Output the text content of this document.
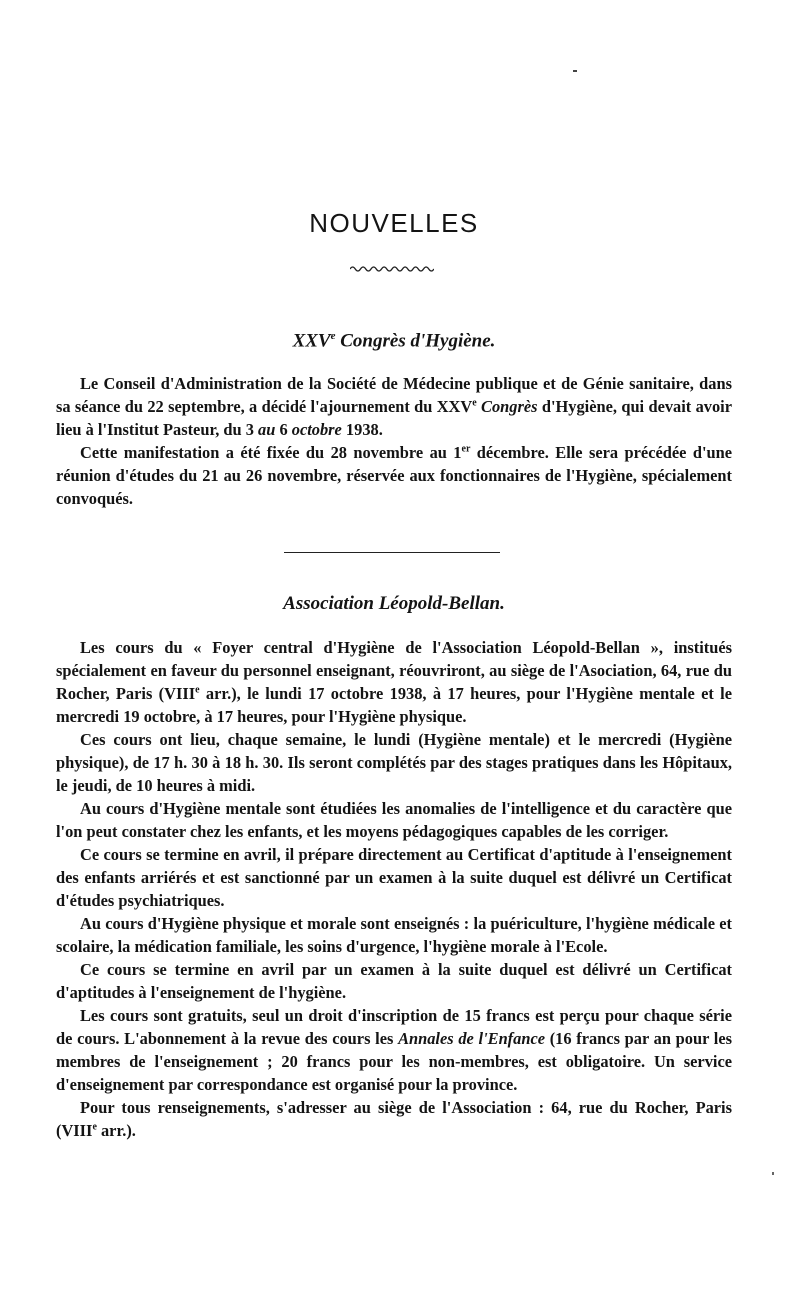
NOUVELLES
XXVe Congrès d'Hygiène.

Le Conseil d'Administration de la Société de Médecine publique et de Génie sanitaire, dans sa séance du 22 septembre, a décidé l'ajournement du XXVe Congrès d'Hygiène, qui devait avoir lieu à l'Institut Pasteur, du 3 au 6 octobre 1938.

Cette manifestation a été fixée du 28 novembre au 1er décembre. Elle sera précédée d'une réunion d'études du 21 au 26 novembre, réservée aux fonctionnaires de l'Hygiène, spécialement convoqués.

Association Léopold-Bellan.

Les cours du « Foyer central d'Hygiène de l'Association Léopold-Bellan », institués spécialement en faveur du personnel enseignant, réouvriront, au siège de l'Asociation, 64, rue du Rocher, Paris (VIIIe arr.), le lundi 17 octobre 1938, à 17 heures, pour l'Hygiène mentale et le mercredi 19 octobre, à 17 heures, pour l'Hygiène physique.

Ces cours ont lieu, chaque semaine, le lundi (Hygiène mentale) et le mercredi (Hygiène physique), de 17 h. 30 à 18 h. 30. Ils seront complétés par des stages pratiques dans les Hôpitaux, le jeudi, de 10 heures à midi.

Au cours d'Hygiène mentale sont étudiées les anomalies de l'intelligence et du caractère que l'on peut constater chez les enfants, et les moyens pédagogiques capables de les corriger.

Ce cours se termine en avril, il prépare directement au Certificat d'aptitude à l'enseignement des enfants arriérés et est sanctionné par un examen à la suite duquel est délivré un Certificat d'études psychiatriques.

Au cours d'Hygiène physique et morale sont enseignés : la puériculture, l'hygiène médicale et scolaire, la médication familiale, les soins d'urgence, l'hygiène morale à l'Ecole.

Ce cours se termine en avril par un examen à la suite duquel est délivré un Certificat d'aptitudes à l'enseignement de l'hygiène.

Les cours sont gratuits, seul un droit d'inscription de 15 francs est perçu pour chaque série de cours. L'abonnement à la revue des cours les Annales de l'Enfance (16 francs par an pour les membres de l'enseignement ; 20 francs pour les non-membres, est obligatoire. Un service d'enseignement par correspondance est organisé pour la province.

Pour tous renseignements, s'adresser au siège de l'Association : 64, rue du Rocher, Paris (VIIIe arr.).
